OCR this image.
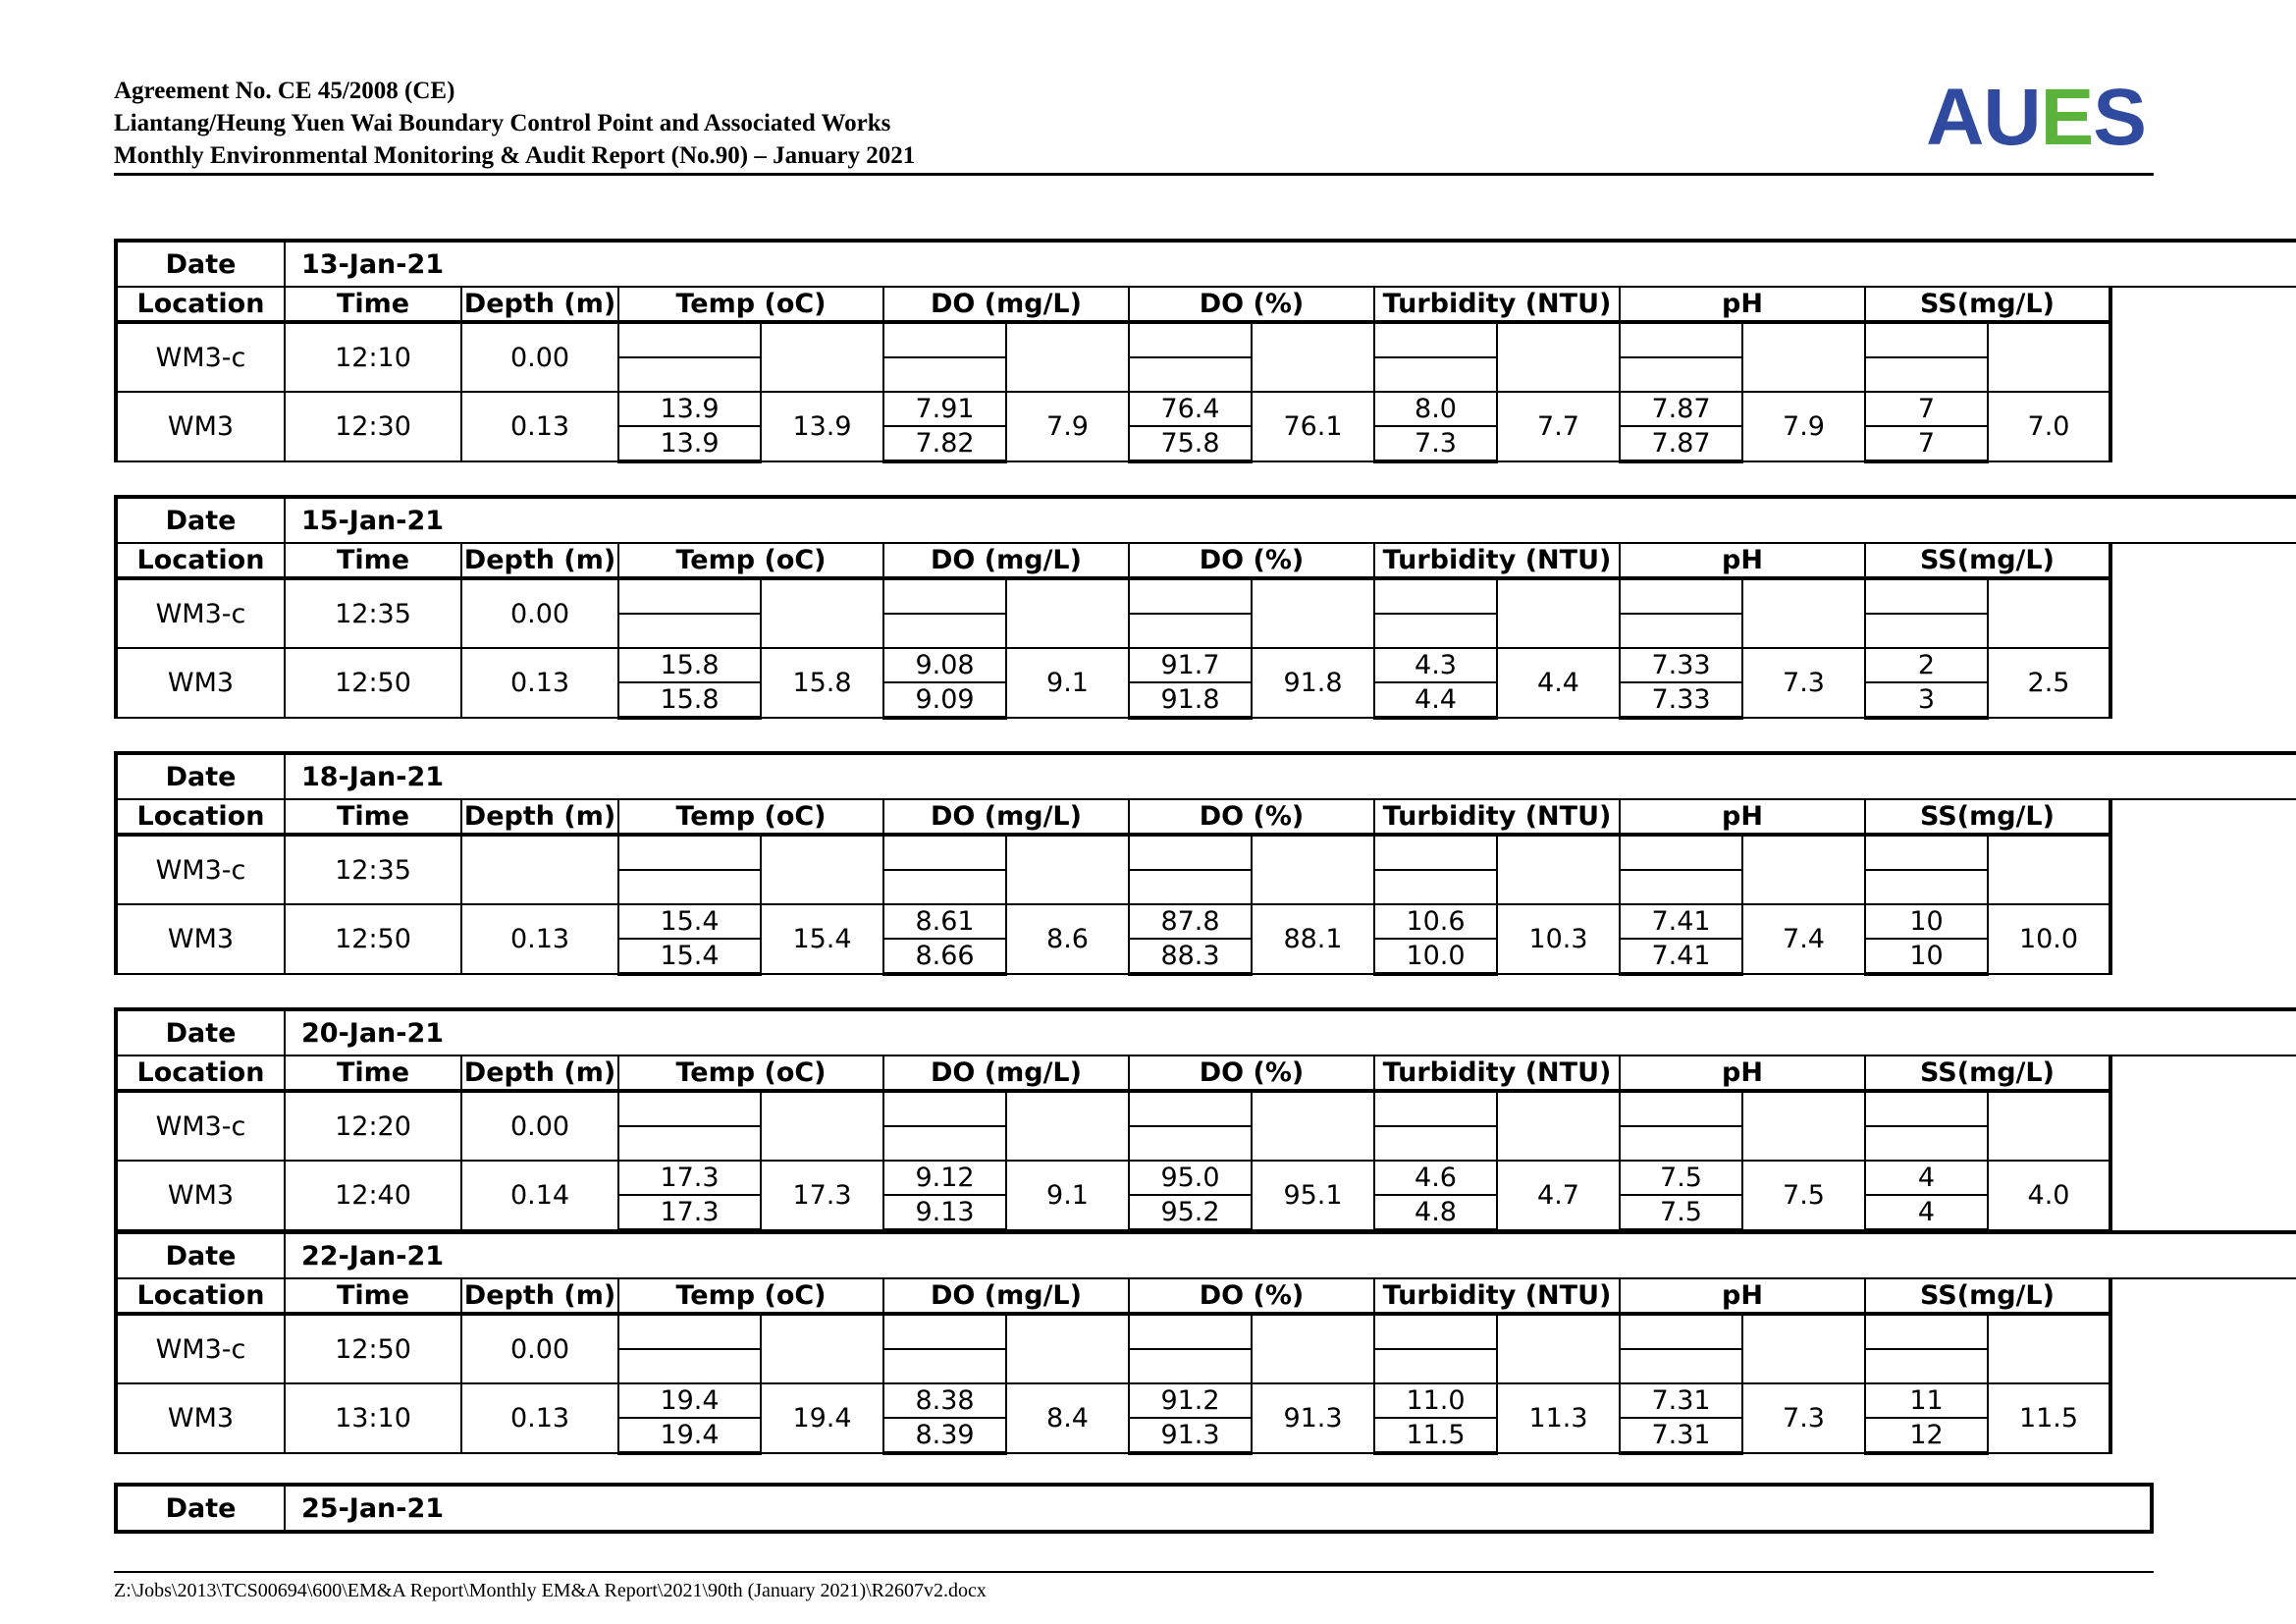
Agreement No. CE 45/2008 (CE)
Liantang/Heung Yuen Wai Boundary Control Point and Associated Works
Monthly Environmental Monitoring & Audit Report (No.90) – January 2021	AUES
Date	13-Jan-21													
Location	Time	Depth (m)	Temp (oC)		DO (mg/L)		DO (%)		Turbidity (NTU)		pH		SS(mg/L)	
WM3-c	12:10	0.00												

WM3	12:30	0.13	13.9	13.9	7.91	7.9	76.4	76.1	8.0	7.7	7.87	7.9	7	7.0
			13.9		7.82		75.8		7.3		7.87		7	
Date	15-Jan-21													
Location	Time	Depth (m)	Temp (oC)		DO (mg/L)		DO (%)		Turbidity (NTU)		pH		SS(mg/L)	
WM3-c	12:35	0.00												

WM3	12:50	0.13	15.8	15.8	9.08	9.1	91.7	91.8	4.3	4.4	7.33	7.3	2	2.5
			15.8		9.09		91.8		4.4		7.33		3	
Date	18-Jan-21													
Location	Time	Depth (m)	Temp (oC)		DO (mg/L)		DO (%)		Turbidity (NTU)		pH		SS(mg/L)	
WM3-c	12:35													

WM3	12:50	0.13	15.4	15.4	8.61	8.6	87.8	88.1	10.6	10.3	7.41	7.4	10	10.0
			15.4		8.66		88.3		10.0		7.41		10	
Date	20-Jan-21													
Location	Time	Depth (m)	Temp (oC)		DO (mg/L)		DO (%)		Turbidity (NTU)		pH		SS(mg/L)	
WM3-c	12:20	0.00												

WM3	12:40	0.14	17.3	17.3	9.12	9.1	95.0	95.1	4.6	4.7	7.5	7.5	4	4.0
			17.3		9.13		95.2		4.8		7.5		4	
Date	22-Jan-21													
Location	Time	Depth (m)	Temp (oC)		DO (mg/L)		DO (%)		Turbidity (NTU)		pH		SS(mg/L)	
WM3-c	12:50	0.00												

WM3	13:10	0.13	19.4	19.4	8.38	8.4	91.2	91.3	11.0	11.3	7.31	7.3	11	11.5
			19.4		8.39		91.3		11.5		7.31		12	
Date	25-Jan-21
Z:\Jobs\2013\TCS00694\600\EM&A Report\Monthly EM&A Report\2021\90th (January 2021)\R2607v2.docx
